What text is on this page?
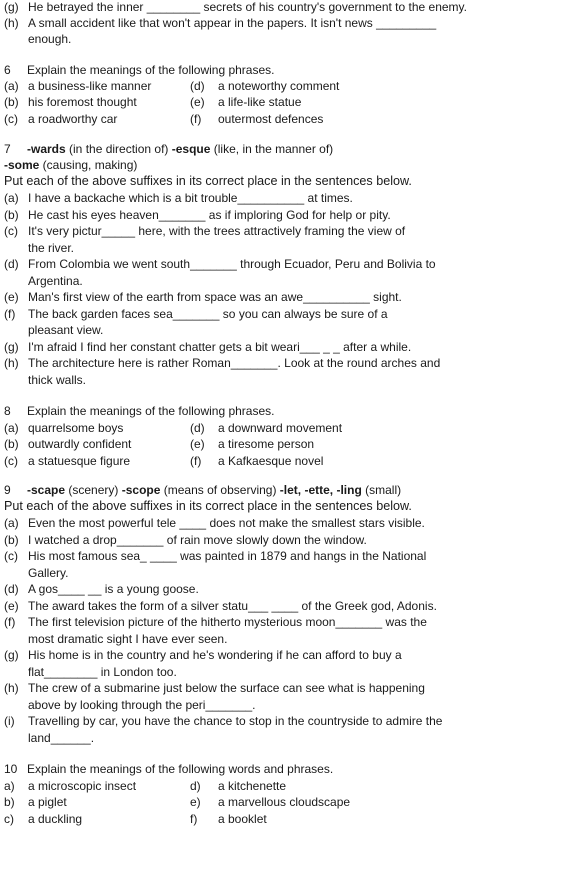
(g) He betrayed the inner ________ secrets of his country's government to the enemy.
(h) A small accident like that won't appear in the papers. It isn't news _________
enough.
6 Explain the meanings of the following phrases.
(a) a business-like manner	(d) a noteworthy comment
(b) his foremost thought	(e) a life-like statue
(c) a roadworthy car	(f) outermost defences
7 -wards (in the direction of) -esque (like, in the manner of)
-some (causing, making)
Put each of the above suffixes in its correct place in the sentences below.
(a) I have a backache which is a bit trouble__________ at times.
(b) He cast his eyes heaven_______ as if imploring God for help or pity.
(c) It's very pictur_____ here, with the trees attractively framing the view of
the river.
(d) From Colombia we went south_______ through Ecuador, Peru and Bolivia to
Argentina.
(e) Man's first view of the earth from space was an awe__________ sight.
(f) The back garden faces sea_______ so you can always be sure of a
pleasant view.
(g) I'm afraid I find her constant chatter gets a bit weari___ _ _ after a while.
(h) The architecture here is rather Roman_______. Look at the round arches and
thick walls.
8 Explain the meanings of the following phrases.
(a) quarrelsome boys	(d) a downward movement
(b) outwardly confident	(e) a tiresome person
(c) a statuesque figure	(f) a Kafkaesque novel
9 -scape (scenery) -scope (means of observing) -let, -ette, -ling (small)
Put each of the above suffixes in its correct place in the sentences below.
(a) Even the most powerful tele ____ does not make the smallest stars visible.
(b) I watched a drop_______ of rain move slowly down the window.
(c) His most famous sea_ ____ was painted in 1879 and hangs in the National
Gallery.
(d) A gos____ __ is a young goose.
(e) The award takes the form of a silver statu___ ____ of the Greek god, Adonis.
(f) The first television picture of the hitherto mysterious moon_______ was the
most dramatic sight I have ever seen.
(g) His home is in the country and he's wondering if he can afford to buy a
flat________ in London too.
(h) The crew of a submarine just below the surface can see what is happening
above by looking through the peri_______.
(i) Travelling by car, you have the chance to stop in the countryside to admire the
land______.
10 Explain the meanings of the following words and phrases.
a) a microscopic insect	d) a kitchenette
b) a piglet	e) a marvellous cloudscape
c) a duckling	f) a booklet
